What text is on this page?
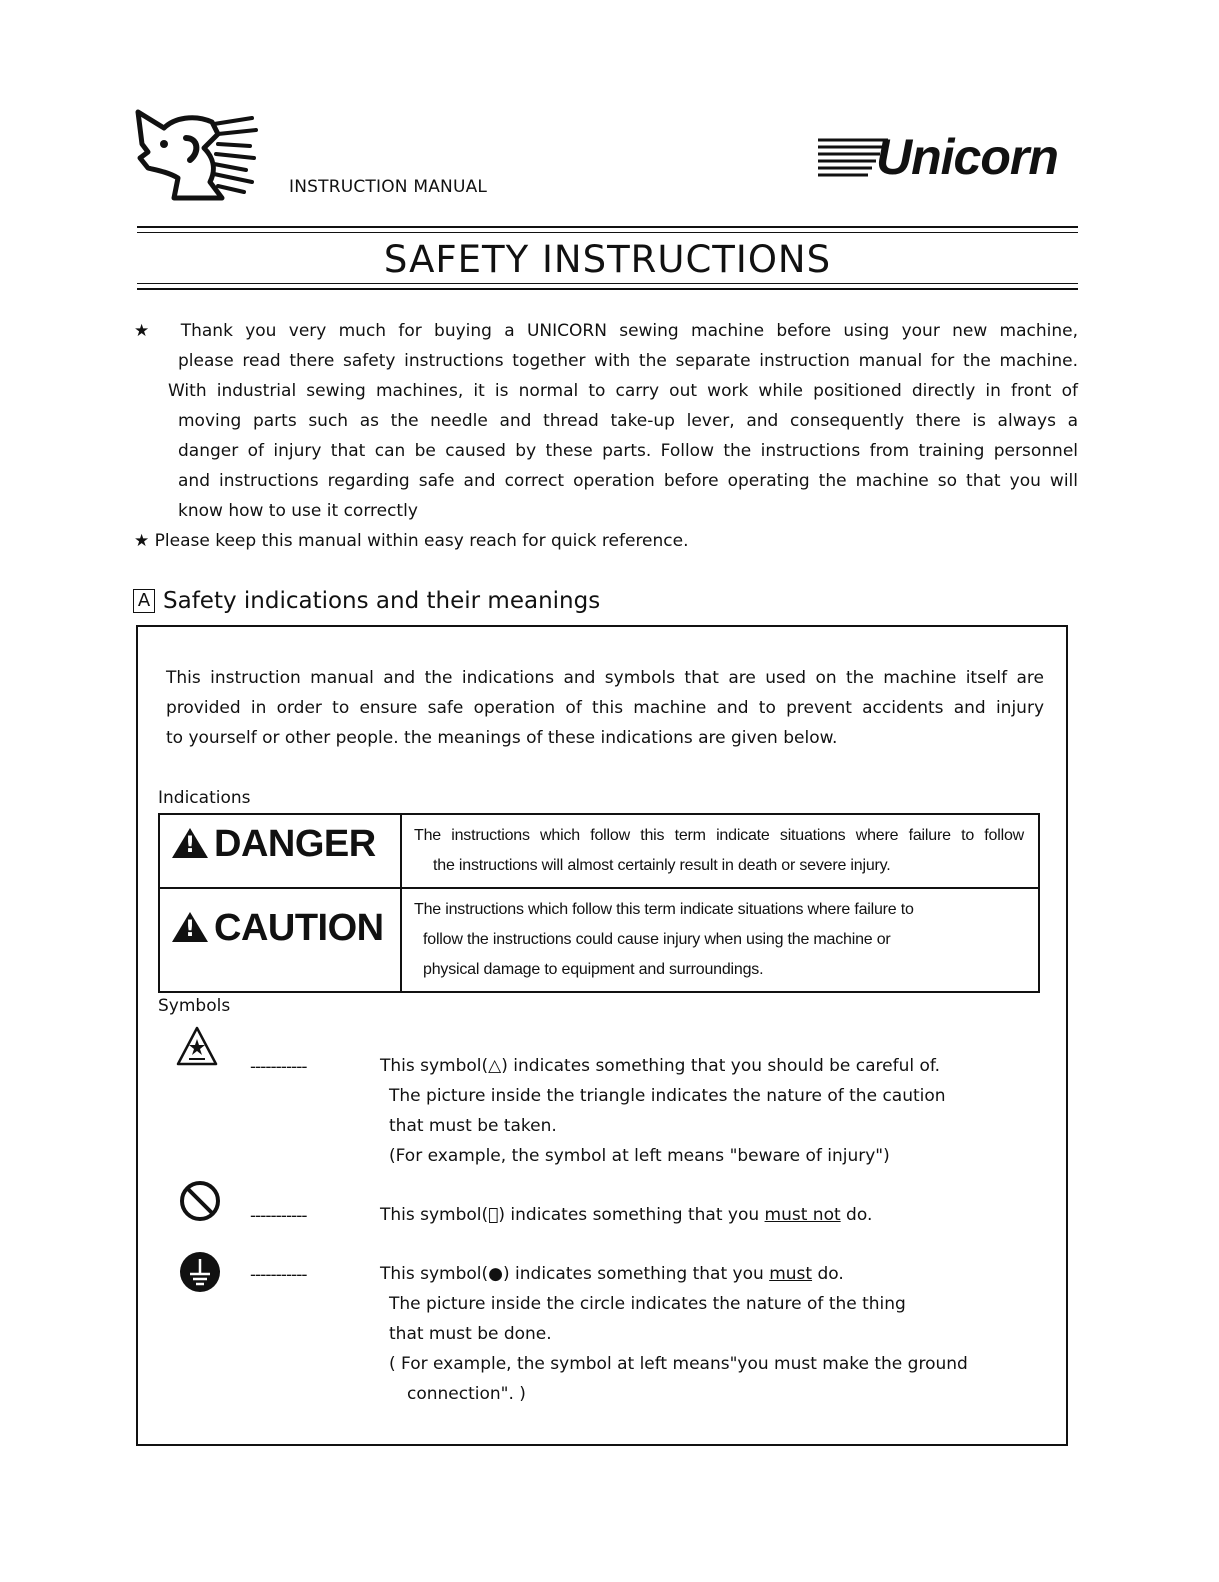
INSTRUCTION MANUAL
Unicorn
SAFETY INSTRUCTIONS

★ Thank you very much for buying a UNICORN sewing machine before using your new machine,

please read there safety instructions together with the separate instruction manual for the machine.

With industrial sewing machines, it is normal to carry out work while positioned directly in front of

moving parts such as the needle and thread take-up lever, and consequently there is always a

danger of injury that can be caused by these parts. Follow the instructions from training personnel

and instructions regarding safe and correct operation before operating the machine so that you will

know how to use it correctly

★ Please keep this manual within easy reach for quick reference.

A Safety indications and their meanings

This instruction manual and the indications and symbols that are used on the machine itself are

provided in order to ensure safe operation of this machine and to prevent accidents and injury

to yourself or other people. the meanings of these indications are given below.

Indications
!DANGER	The instructions which follow this term indicate situations where failure to follow

the instructions will almost certainly result in death or severe injury.

!CAUTION	The instructions which follow this term indicate situations where failure to

follow the instructions could cause injury when using the machine or

physical damage to equipment and surroundings.

Symbols
-----------	This symbol(△) indicates something that you should be careful of.

The picture inside the triangle indicates the nature of the caution

that must be taken.

(For example, the symbol at left means "beware of injury")

-----------	This symbol(⃠) indicates something that you must not do.

-----------	This symbol(●) indicates something that you must do.

The picture inside the circle indicates the nature of the thing

that must be done.

( For example, the symbol at left means"you must make the ground

connection". )
